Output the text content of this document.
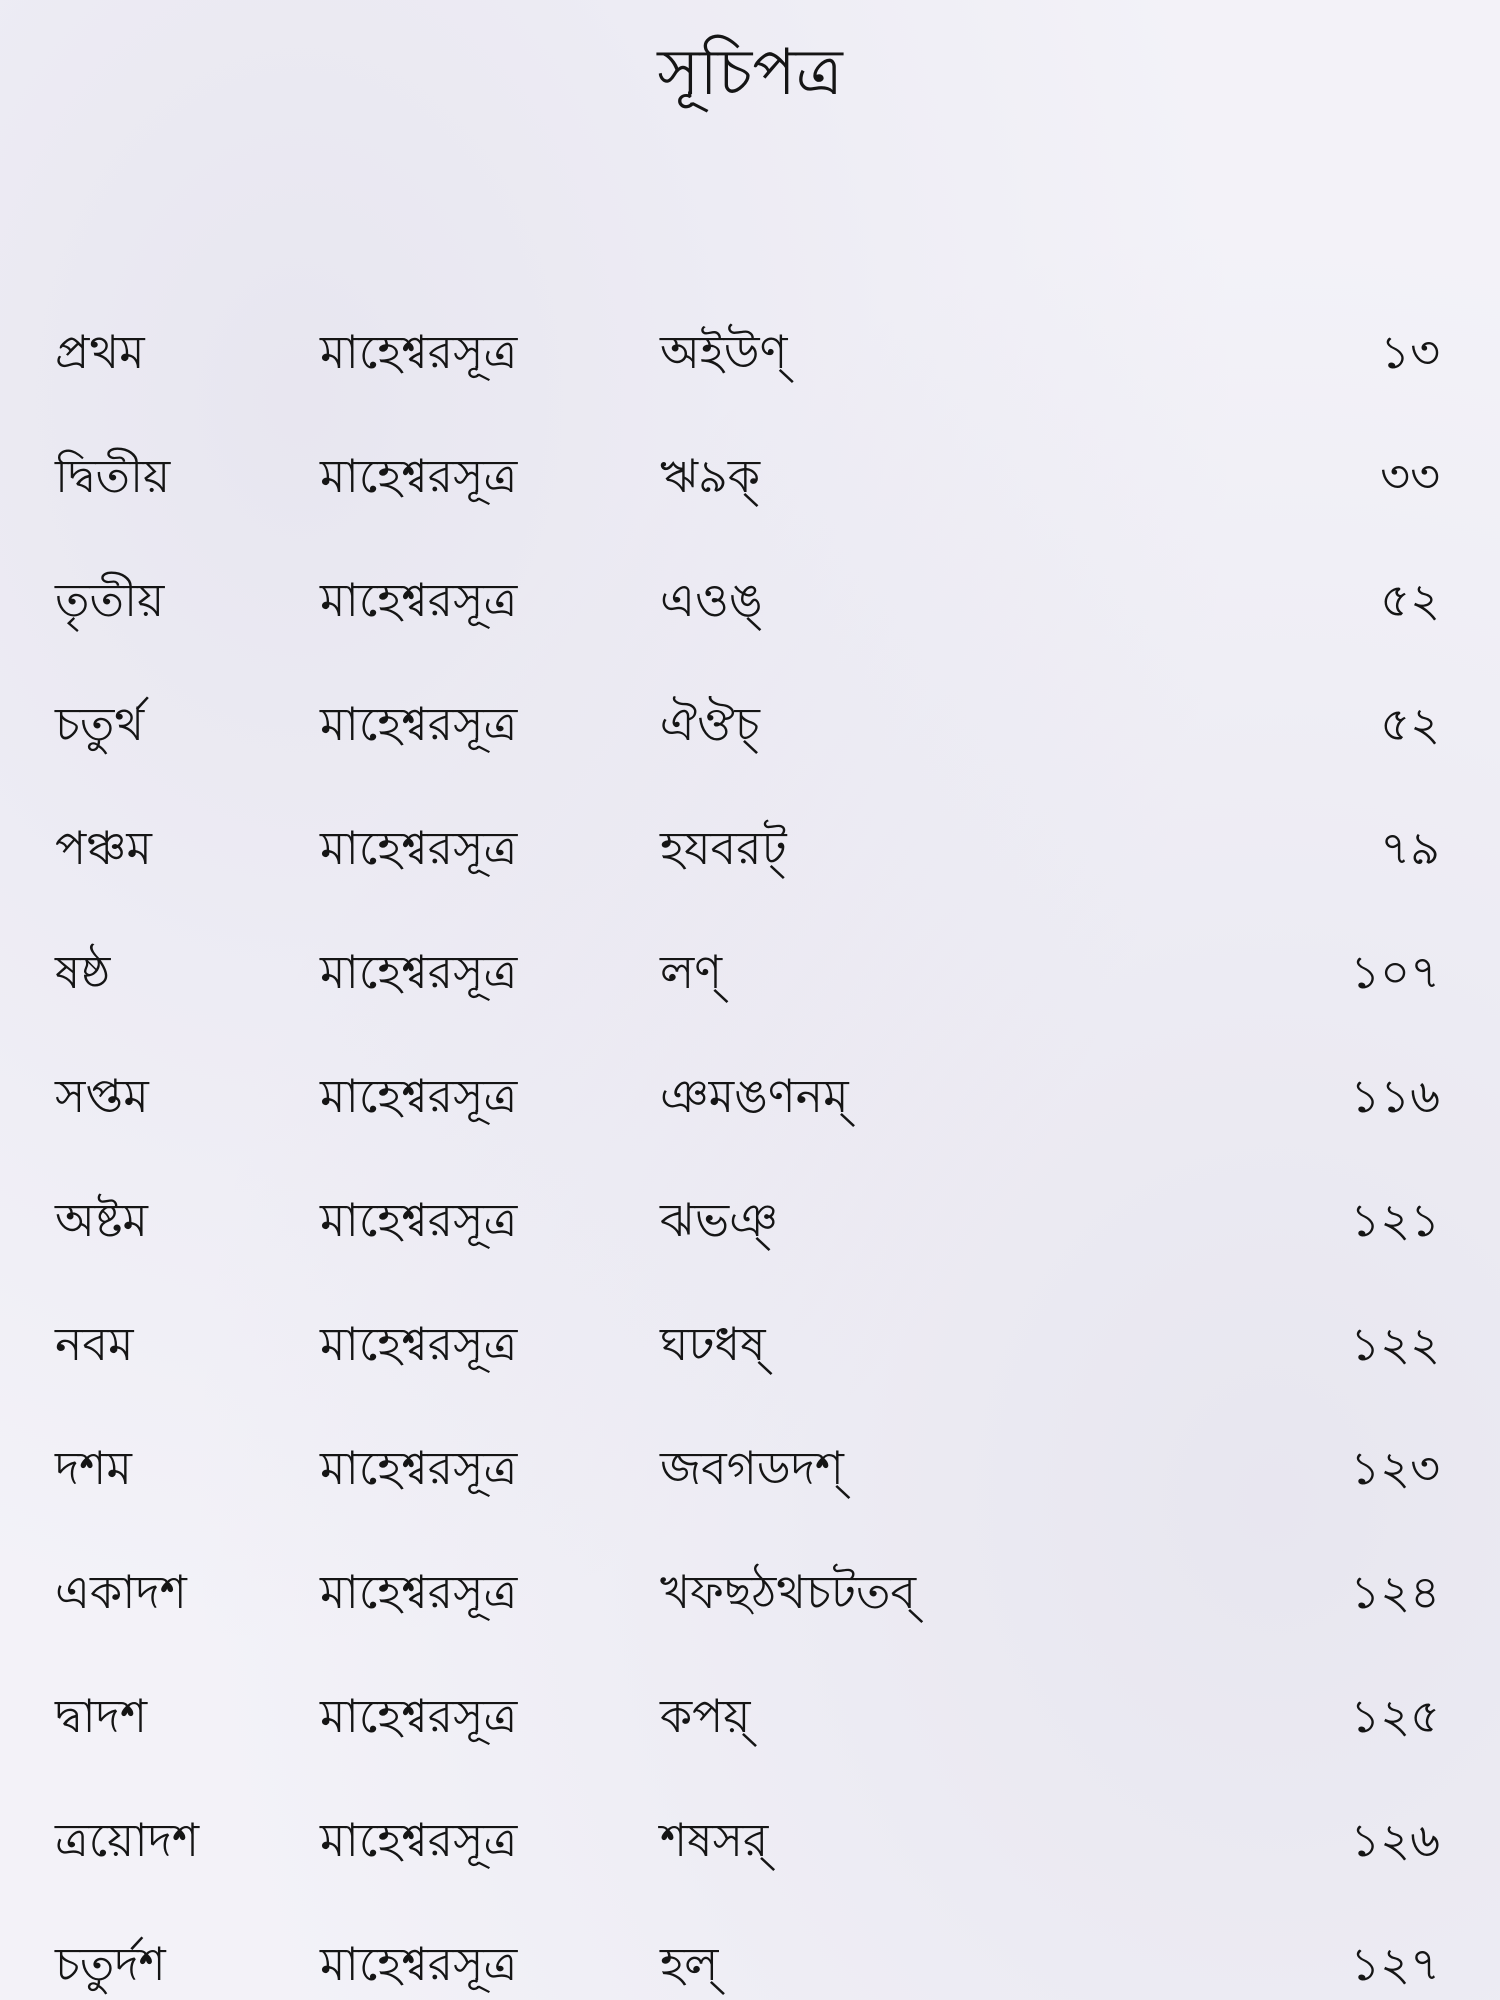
সূচিপত্র
প্রথম	মাহেশ্বরসূত্র	অইউণ্	১৩
দ্বিতীয়	মাহেশ্বরসূত্র	ঋ৯ক্	৩৩
তৃতীয়	মাহেশ্বরসূত্র	এওঙ্	৫২
চতুর্থ	মাহেশ্বরসূত্র	ঐঔচ্	৫২
পঞ্চম	মাহেশ্বরসূত্র	হযবরট্	৭৯
ষষ্ঠ	মাহেশ্বরসূত্র	লণ্	১০৭
সপ্তম	মাহেশ্বরসূত্র	ঞমঙণনম্	১১৬
অষ্টম	মাহেশ্বরসূত্র	ঝভঞ্	১২১
নবম	মাহেশ্বরসূত্র	ঘঢধষ্	১২২
দশম	মাহেশ্বরসূত্র	জবগডদশ্	১২৩
একাদশ	মাহেশ্বরসূত্র	খফছঠথচটতব্	১২৪
দ্বাদশ	মাহেশ্বরসূত্র	কপয়্	১২৫
ত্রয়োদশ	মাহেশ্বরসূত্র	শষসর্	১২৬
চতুর্দশ	মাহেশ্বরসূত্র	হল্	১২৭
